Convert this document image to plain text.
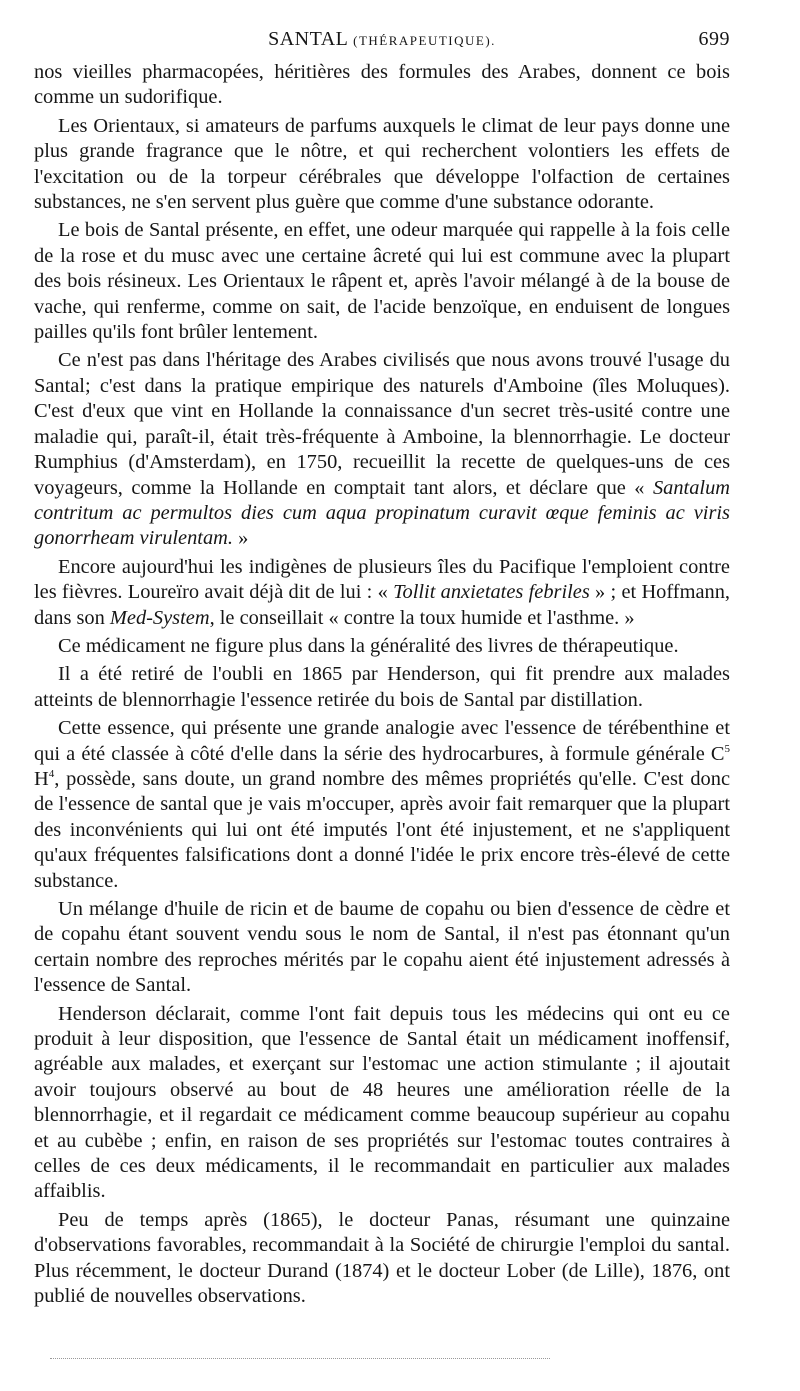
SANTAL (THÉRAPEUTIQUE).	699

nos vieilles pharmacopées, héritières des formules des Arabes, donnent ce bois comme un sudorifique.

Les Orientaux, si amateurs de parfums auxquels le climat de leur pays donne une plus grande fragrance que le nôtre, et qui recherchent volontiers les effets de l'excitation ou de la torpeur cérébrales que développe l'olfaction de certaines substances, ne s'en servent plus guère que comme d'une substance odorante.

Le bois de Santal présente, en effet, une odeur marquée qui rappelle à la fois celle de la rose et du musc avec une certaine âcreté qui lui est commune avec la plupart des bois résineux. Les Orientaux le râpent et, après l'avoir mélangé à de la bouse de vache, qui renferme, comme on sait, de l'acide benzoïque, en enduisent de longues pailles qu'ils font brûler lentement.

Ce n'est pas dans l'héritage des Arabes civilisés que nous avons trouvé l'usage du Santal; c'est dans la pratique empirique des naturels d'Amboine (îles Moluques). C'est d'eux que vint en Hollande la connaissance d'un secret très-usité contre une maladie qui, paraît-il, était très-fréquente à Amboine, la blennorrhagie. Le docteur Rumphius (d'Amsterdam), en 1750, recueillit la recette de quelques-uns de ces voyageurs, comme la Hollande en comptait tant alors, et déclare que « Santalum contritum ac permultos dies cum aqua propinatum curavit œque feminis ac viris gonorrheam virulentam. »

Encore aujourd'hui les indigènes de plusieurs îles du Pacifique l'emploient contre les fièvres. Loureïro avait déjà dit de lui : « Tollit anxietates febriles » ; et Hoffmann, dans son Med-System, le conseillait « contre la toux humide et l'asthme. »

Ce médicament ne figure plus dans la généralité des livres de thérapeutique.

Il a été retiré de l'oubli en 1865 par Henderson, qui fit prendre aux malades atteints de blennorrhagie l'essence retirée du bois de Santal par distillation.

Cette essence, qui présente une grande analogie avec l'essence de térébenthine et qui a été classée à côté d'elle dans la série des hydrocarbures, à formule générale $C^5$ $H^4$, possède, sans doute, un grand nombre des mêmes propriétés qu'elle. C'est donc de l'essence de santal que je vais m'occuper, après avoir fait remarquer que la plupart des inconvénients qui lui ont été imputés l'ont été injustement, et ne s'appliquent qu'aux fréquentes falsifications dont a donné l'idée le prix encore très-élevé de cette substance.

Un mélange d'huile de ricin et de baume de copahu ou bien d'essence de cèdre et de copahu étant souvent vendu sous le nom de Santal, il n'est pas étonnant qu'un certain nombre des reproches mérités par le copahu aient été injustement adressés à l'essence de Santal.

Henderson déclarait, comme l'ont fait depuis tous les médecins qui ont eu ce produit à leur disposition, que l'essence de Santal était un médicament inoffensif, agréable aux malades, et exerçant sur l'estomac une action stimulante ; il ajoutait avoir toujours observé au bout de 48 heures une amélioration réelle de la blennorrhagie, et il regardait ce médicament comme beaucoup supérieur au copahu et au cubèbe ; enfin, en raison de ses propriétés sur l'estomac toutes contraires à celles de ces deux médicaments, il le recommandait en particulier aux malades affaiblis.

Peu de temps après (1865), le docteur Panas, résumant une quinzaine d'observations favorables, recommandait à la Société de chirurgie l'emploi du santal. Plus récemment, le docteur Durand (1874) et le docteur Lober (de Lille), 1876, ont publié de nouvelles observations.
